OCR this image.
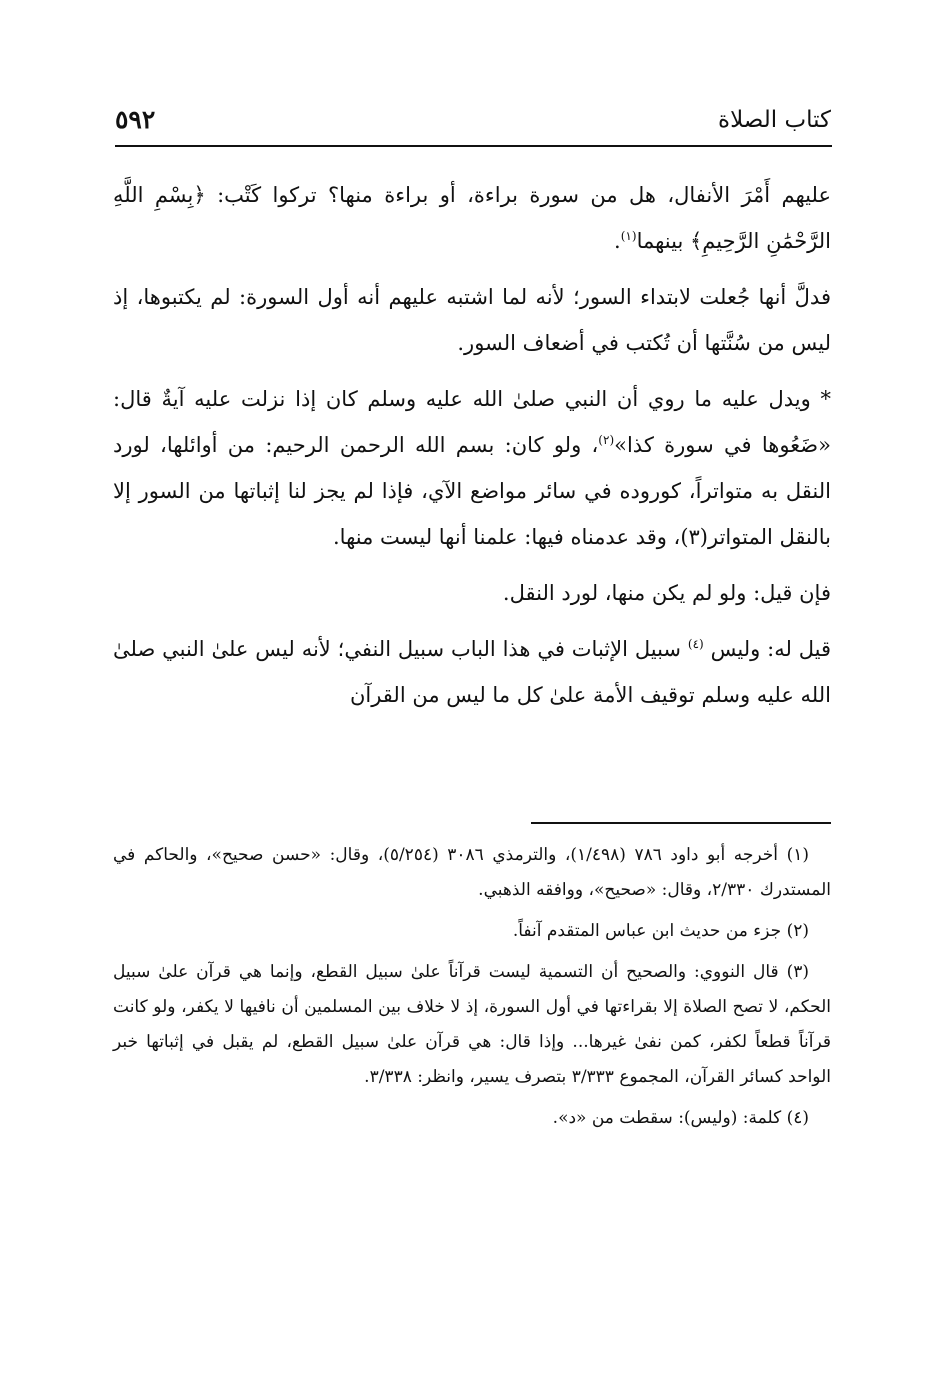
كتاب الصلاة
٥٩٢

عليهم أَمْرَ الأنفال، هل من سورة براءة، أو براءة منها؟ تركوا كَتْب: ﴿بِسْمِ اللَّهِ الرَّحْمَٰنِ الرَّحِيمِ﴾ بينهما$^{(١)}$.

فدلَّ أنها جُعلت لابتداء السور؛ لأنه لما اشتبه عليهم أنه أول السورة: لم يكتبوها، إذ ليس من سُنَّتها أن تُكتب في أضعاف السور.

* ويدل عليه ما روي أن النبي صلىٰ الله عليه وسلم كان إذا نزلت عليه آيةٌ قال: «ضَعُوها في سورة كذا»$^{(٢)}$، ولو كان: بسم الله الرحمن الرحيم: من أوائلها، لورد النقل به متواتراً، كوروده في سائر مواضع الآي، فإذا لم يجز لنا إثباتها من السور إلا بالنقل المتواتر(٣)، وقد عدمناه فيها: علمنا أنها ليست منها.

فإن قيل: ولو لم يكن منها، لورد النقل.

قيل له: وليس $^{(٤)}$ سبيل الإثبات في هذا الباب سبيل النفي؛ لأنه ليس علىٰ النبي صلىٰ الله عليه وسلم توقيف الأمة علىٰ كل ما ليس من القرآن

(١) أخرجه أبو داود ٧٨٦ (١/٤٩٨)، والترمذي ٣٠٨٦ (٥/٢٥٤)، وقال: «حسن صحيح»، والحاكم في المستدرك ٢/٣٣٠، وقال: «صحيح»، ووافقه الذهبي.

(٢) جزء من حديث ابن عباس المتقدم آنفاً.

(٣) قال النووي: والصحيح أن التسمية ليست قرآناً علىٰ سبيل القطع، وإنما هي قرآن علىٰ سبيل الحكم، لا تصح الصلاة إلا بقراءتها في أول السورة، إذ لا خلاف بين المسلمين أن نافيها لا يكفر، ولو كانت قرآناً قطعاً لكفر، كمن نفىٰ غيرها... وإذا قال: هي قرآن علىٰ سبيل القطع، لم يقبل في إثباتها خبر الواحد كسائر القرآن، المجموع ٣/٣٣٣ بتصرف يسير، وانظر: ٣/٣٣٨.

(٤) كلمة: (وليس): سقطت من «د».
